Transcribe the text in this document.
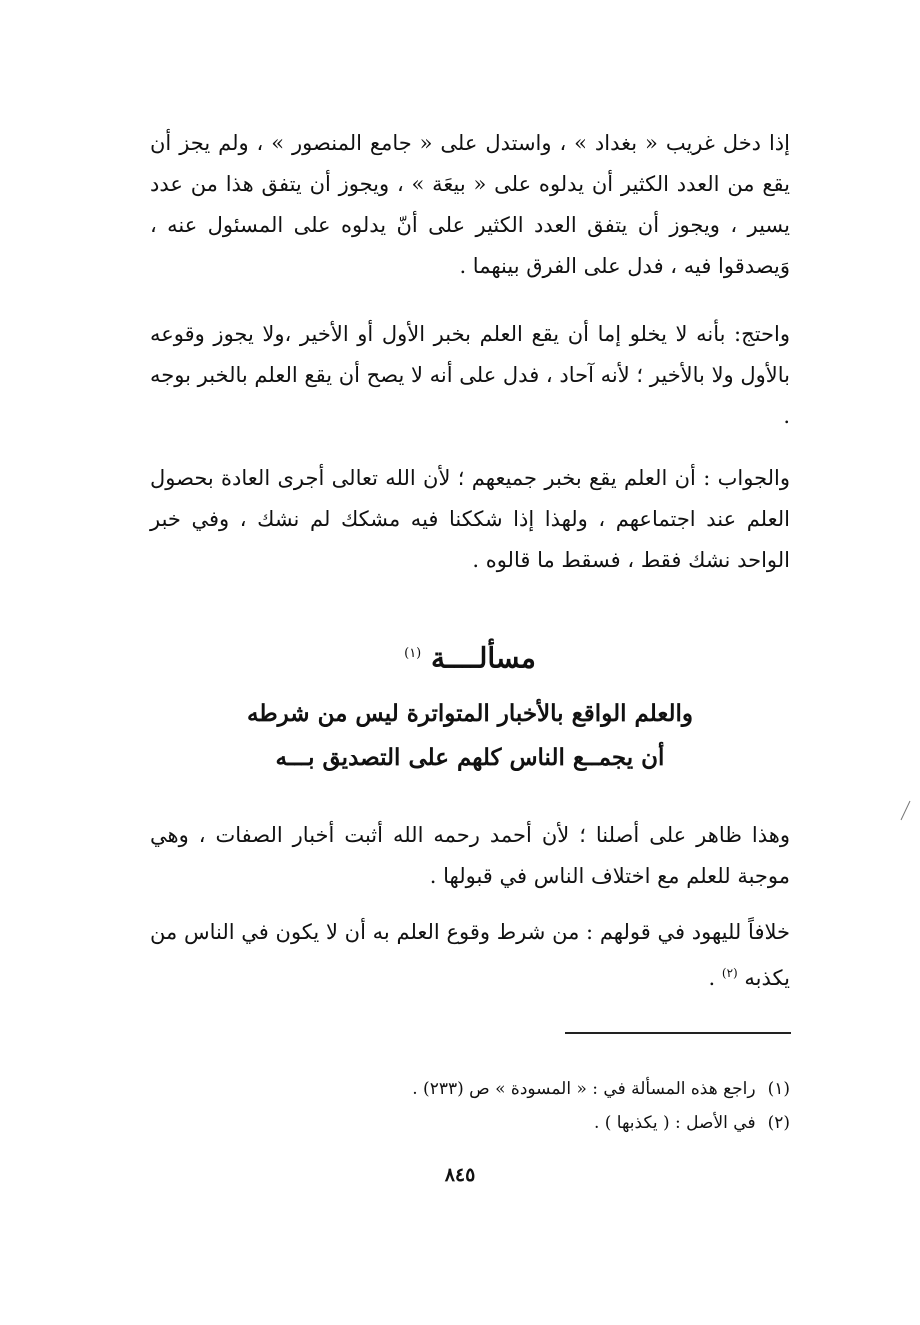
إذا دخل غريب « بغداد » ، واستدل على « جامع المنصور » ، ولم يجز أن يقع من العدد الكثير أن يدلوه على « بيعَة » ، ويجوز أن يتفق هذا من عدد يسير ، ويجوز أن يتفق العدد الكثير على أنّ يدلوه على المسئول عنه ، وَيصدقوا فيه ، فدل على الفرق بينهما .

واحتج: بأنه لا يخلو إما أن يقع العلم بخبر الأول أو الأخير ،ولا يجوز وقوعه بالأول ولا بالأخير ؛ لأنه آحاد ، فدل على أنه لا يصح أن يقع العلم بالخبر بوجه .

والجواب : أن العلم يقع بخبر جميعهم ؛ لأن الله تعالى أجرى العادة بحصول العلم عند اجتماعهم ، ولهذا إذا شككنا فيه مشكك لم نشك ، وفي خبر الواحد نشك فقط ، فسقط ما قالوه .

مسألــــة $^{(١)}$

والعلم الواقع بالأخبار المتواترة ليس من شرطه

أن يجمــع الناس كلهم على التصديق بـــه

وهذا ظاهر على أصلنا ؛ لأن أحمد رحمه الله أثبت أخبار الصفات ، وهي موجبة للعلم مع اختلاف الناس في قبولها .

خلافاً لليهود في قولهم : من شرط وقوع العلم به أن لا يكون في الناس من يكذبه $^{(٢)}$ .

(١)راجع هذه المسألة في : « المسودة » ص (٢٣٣) .

(٢)في الأصل : ( يكذبها ) .

٨٤٥
